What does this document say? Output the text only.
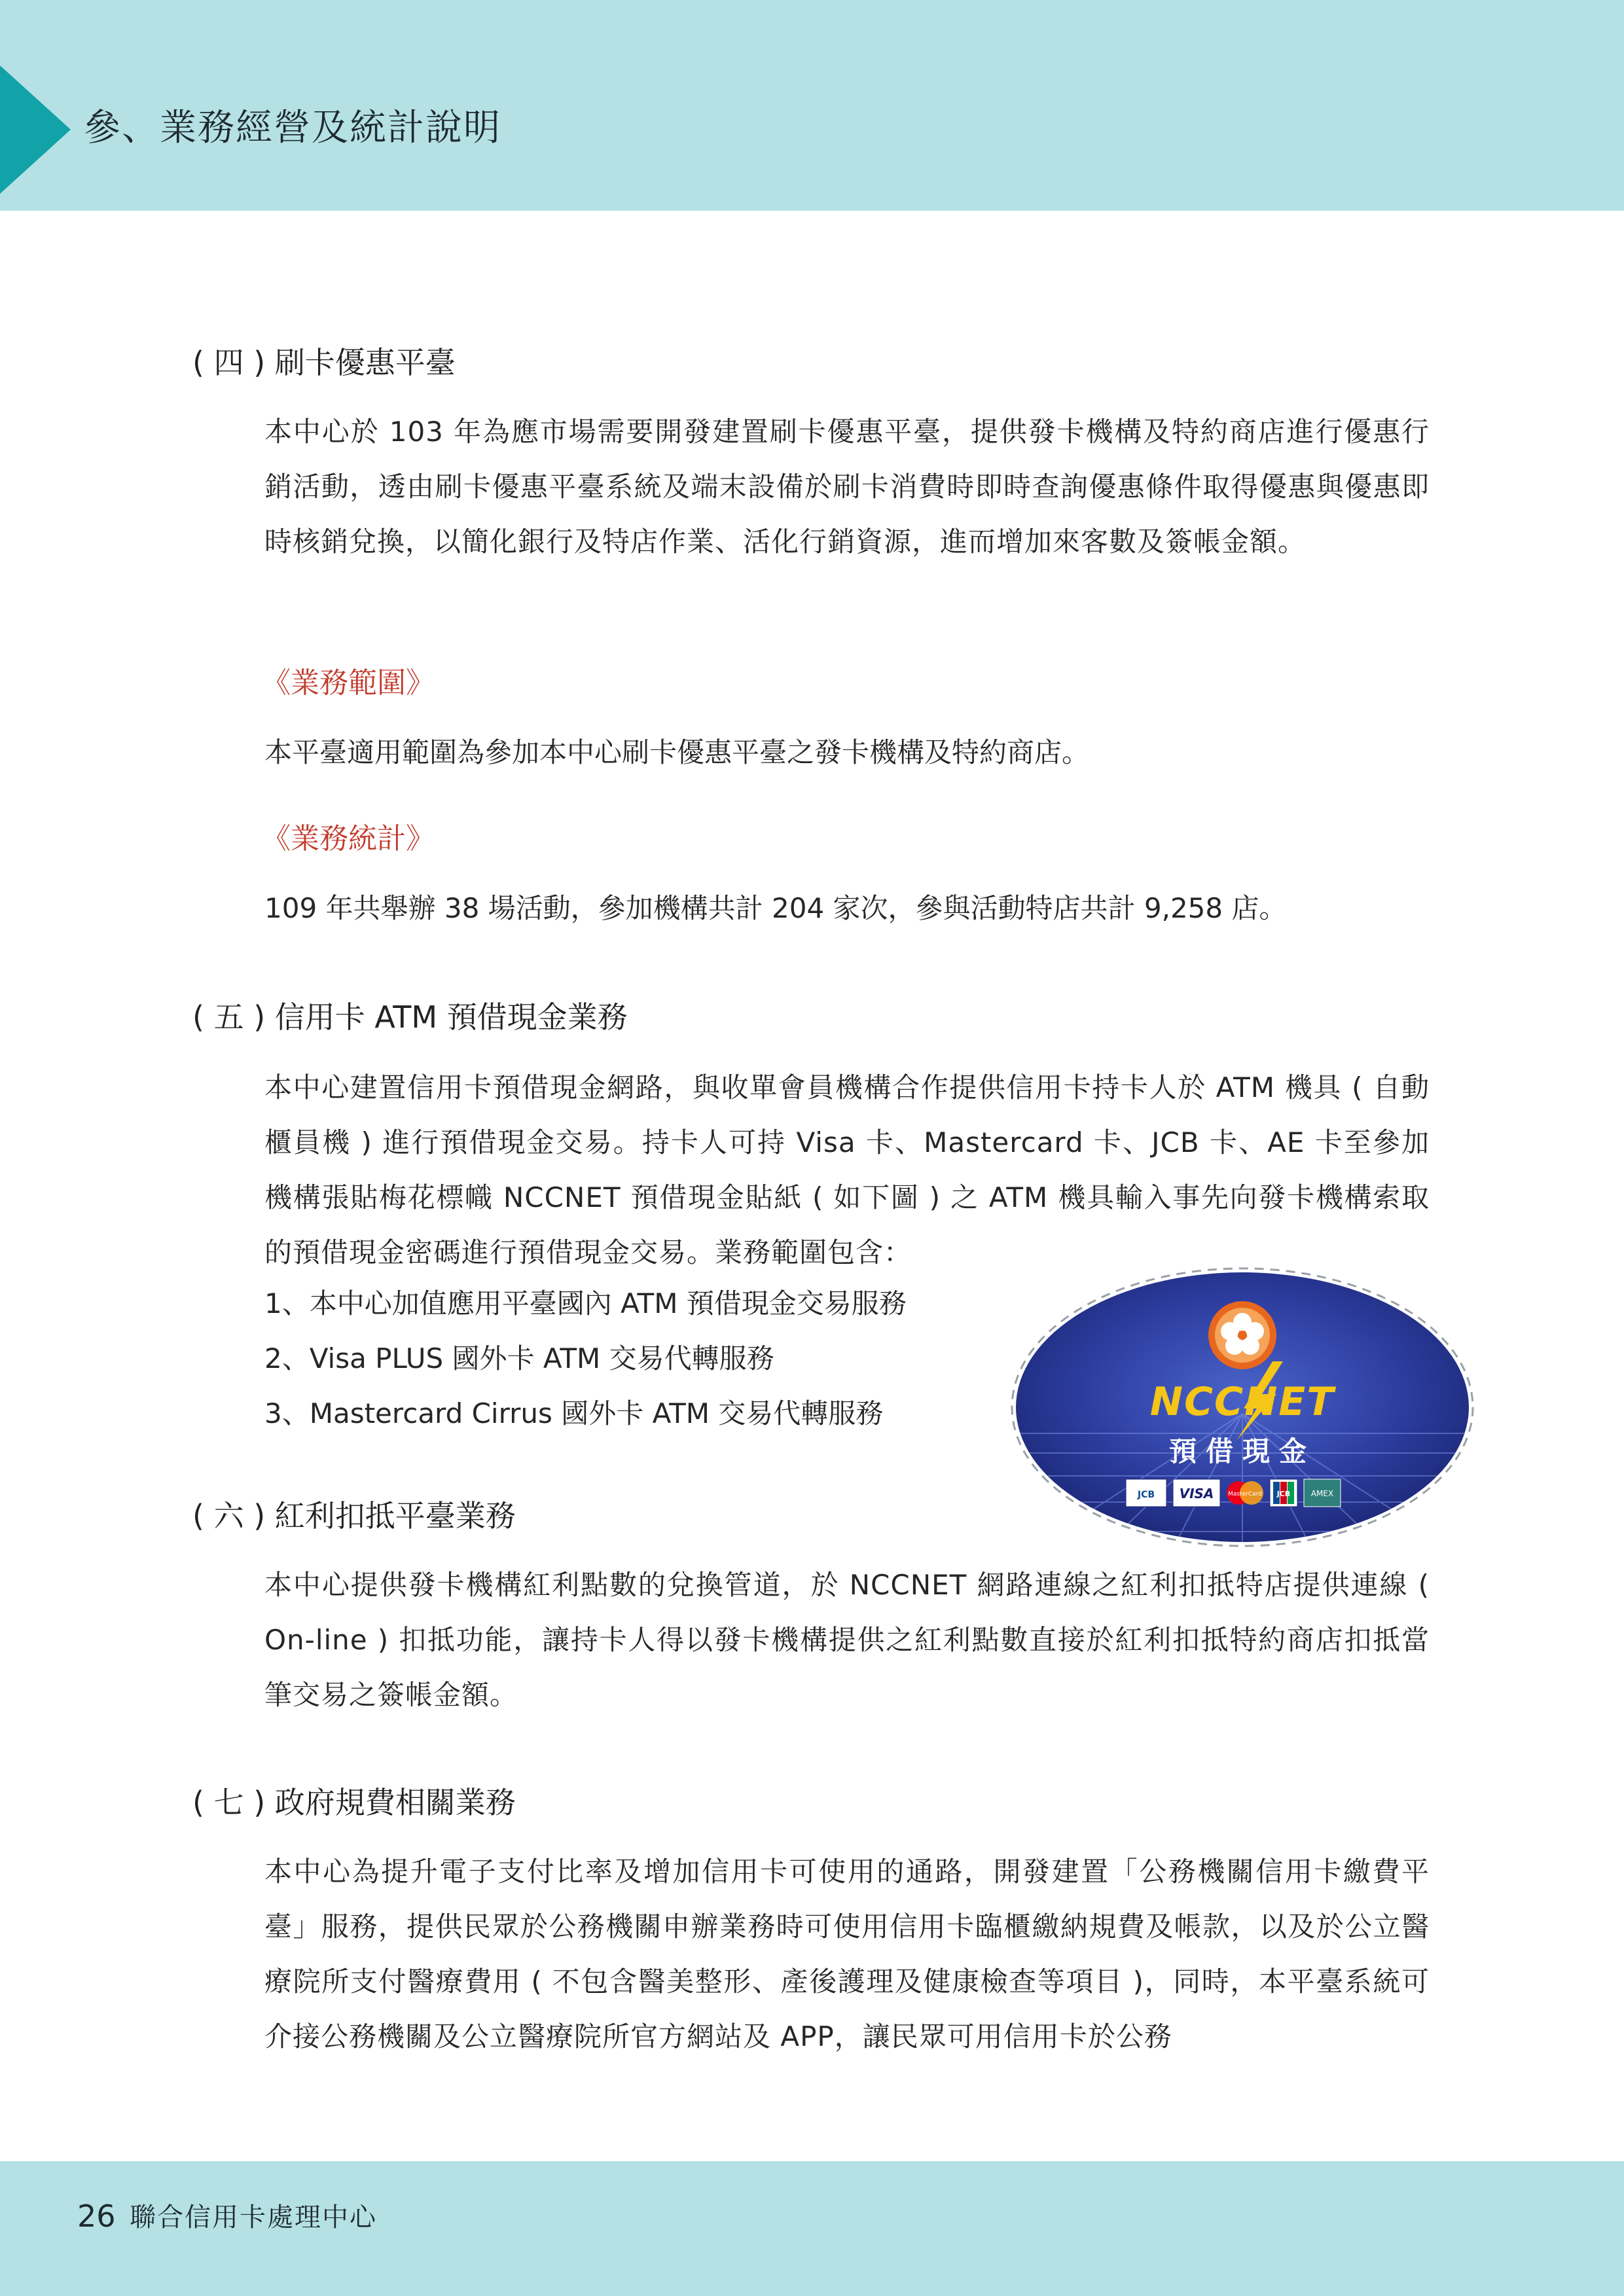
參、業務經營及統計說明
( 四 ) 刷卡優惠平臺
本中心於 103 年為應市場需要開發建置刷卡優惠平臺，提供發卡機構及特約商店進行優惠行銷活動，透由刷卡優惠平臺系統及端末設備於刷卡消費時即時查詢優惠條件取得優惠與優惠即時核銷兌換，以簡化銀行及特店作業、活化行銷資源，進而增加來客數及簽帳金額。
《業務範圍》
本平臺適用範圍為參加本中心刷卡優惠平臺之發卡機構及特約商店。
《業務統計》
109 年共舉辦 38 場活動，參加機構共計 204 家次，參與活動特店共計 9,258 店。
( 五 ) 信用卡 ATM 預借現金業務
本中心建置信用卡預借現金網路，與收單會員機構合作提供信用卡持卡人於 ATM 機具 ( 自動櫃員機 ) 進行預借現金交易。持卡人可持 Visa 卡、Mastercard 卡、JCB 卡、AE 卡至參加機構張貼梅花標幟 NCCNET 預借現金貼紙 ( 如下圖 ) 之 ATM 機具輸入事先向發卡機構索取的預借現金密碼進行預借現金交易。業務範圍包含：
1、本中心加值應用平臺國內 ATM 預借現金交易服務
2、Visa PLUS 國外卡 ATM 交易代轉服務
3、Mastercard Cirrus 國外卡 ATM 交易代轉服務	NCCNET
預借現金
JCB VISA MasterCard JCB	AMEX
( 六 ) 紅利扣抵平臺業務
本中心提供發卡機構紅利點數的兌換管道，於 NCCNET 網路連線之紅利扣抵特店提供連線 ( On-line ) 扣抵功能，讓持卡人得以發卡機構提供之紅利點數直接於紅利扣抵特約商店扣抵當筆交易之簽帳金額。
( 七 ) 政府規費相關業務
本中心為提升電子支付比率及增加信用卡可使用的通路，開發建置「公務機關信用卡繳費平臺」服務，提供民眾於公務機關申辦業務時可使用信用卡臨櫃繳納規費及帳款，以及於公立醫療院所支付醫療費用 ( 不包含醫美整形、產後護理及健康檢查等項目 )，同時，本平臺系統可介接公務機關及公立醫療院所官方網站及 APP，讓民眾可用信用卡於公務
26 聯合信用卡處理中心
